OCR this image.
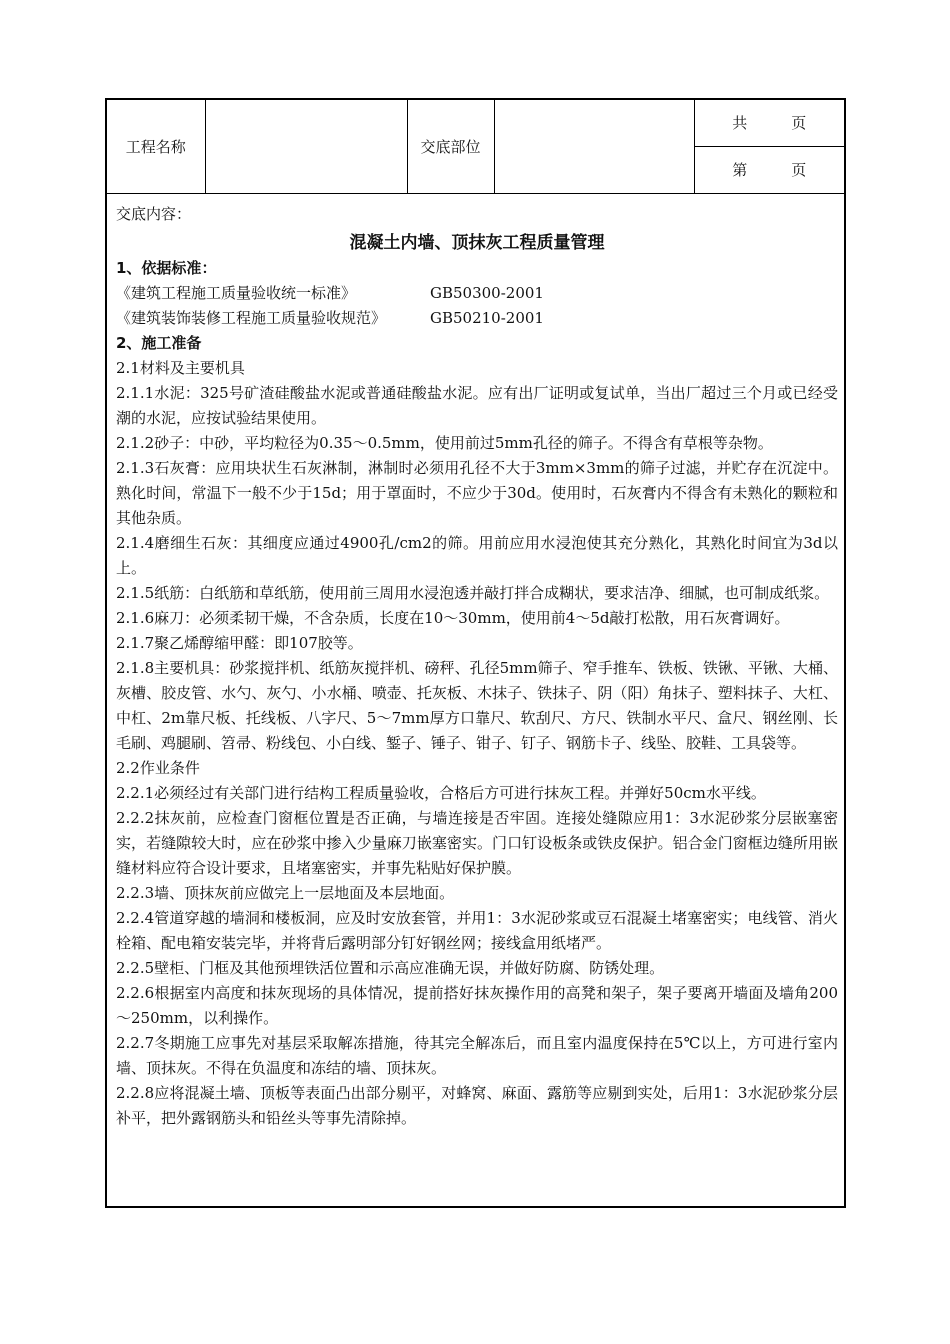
工程名称		交底部位		共	页
第	页

交底内容：

混凝土内墙、顶抹灰工程质量管理

1、依据标准：

《建筑工程施工质量验收统一标准》	GB50300-2001

《建筑装饰装修工程施工质量验收规范》	GB50210-2001

2、施工准备

2.1材料及主要机具

2.1.1水泥：325号矿渣硅酸盐水泥或普通硅酸盐水泥。应有出厂证明或复试单，当出厂超过三个月或已经受潮的水泥，应按试验结果使用。

2.1.2砂子：中砂，平均粒径为0.35～0.5mm，使用前过5mm孔径的筛子。不得含有草根等杂物。

2.1.3石灰膏：应用块状生石灰淋制，淋制时必须用孔径不大于3mm×3mm的筛子过滤，并贮存在沉淀中。熟化时间，常温下一般不少于15d；用于罩面时，不应少于30d。使用时，石灰膏内不得含有未熟化的颗粒和其他杂质。

2.1.4磨细生石灰：其细度应通过4900孔/cm2的筛。用前应用水浸泡使其充分熟化，其熟化时间宜为3d以上。

2.1.5纸筋：白纸筋和草纸筋，使用前三周用水浸泡透并敲打拌合成糊状，要求洁净、细腻，也可制成纸浆。

2.1.6麻刀：必须柔韧干燥，不含杂质，长度在10～30mm，使用前4～5d敲打松散，用石灰膏调好。

2.1.7聚乙烯醇缩甲醛：即107胶等。

2.1.8主要机具：砂浆搅拌机、纸筋灰搅拌机、磅秤、孔径5mm筛子、窄手推车、铁板、铁锹、平锹、大桶、灰槽、胶皮管、水勺、灰勺、小水桶、喷壶、托灰板、木抹子、铁抹子、阴（阳）角抹子、塑料抹子、大杠、中杠、2m靠尺板、托线板、八字尺、5～7mm厚方口靠尺、软刮尺、方尺、铁制水平尺、盒尺、钢丝刚、长毛刷、鸡腿刷、笤帚、粉线包、小白线、錾子、锤子、钳子、钉子、钢筋卡子、线坠、胶鞋、工具袋等。

2.2作业条件

2.2.1必须经过有关部门进行结构工程质量验收，合格后方可进行抹灰工程。并弹好50cm水平线。

2.2.2抹灰前，应检查门窗框位置是否正确，与墙连接是否牢固。连接处缝隙应用1：3水泥砂浆分层嵌塞密实，若缝隙较大时，应在砂浆中掺入少量麻刀嵌塞密实。门口钉设板条或铁皮保护。铝合金门窗框边缝所用嵌缝材料应符合设计要求，且堵塞密实，并事先粘贴好保护膜。

2.2.3墙、顶抹灰前应做完上一层地面及本层地面。

2.2.4管道穿越的墙洞和楼板洞，应及时安放套管，并用1：3水泥砂浆或豆石混凝土堵塞密实；电线管、消火栓箱、配电箱安装完毕，并将背后露明部分钉好钢丝网；接线盒用纸堵严。

2.2.5壁柜、门框及其他预埋铁活位置和示高应准确无误，并做好防腐、防锈处理。

2.2.6根据室内高度和抹灰现场的具体情况，提前搭好抹灰操作用的高凳和架子，架子要离开墙面及墙角200～250mm，以利操作。

2.2.7冬期施工应事先对基层采取解冻措施，待其完全解冻后，而且室内温度保持在5℃以上，方可进行室内墙、顶抹灰。不得在负温度和冻结的墙、顶抹灰。

2.2.8应将混凝土墙、顶板等表面凸出部分剔平，对蜂窝、麻面、露筋等应剔到实处，后用1：3水泥砂浆分层补平，把外露钢筋头和铅丝头等事先清除掉。
